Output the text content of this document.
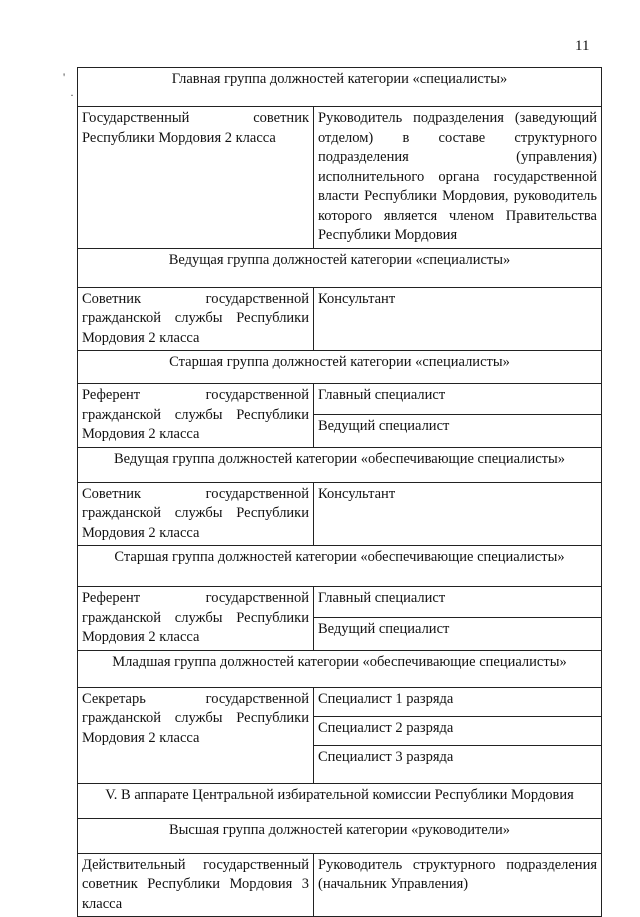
11
'
·
Главная группа должностей категории «специалисты»	
Государственный советник Республики Мордовия 2 класса	Руководитель подразделения (заведующий отделом) в составе структурного подразделения (управления) исполнительного органа государственной власти Республики Мордовия, руководитель которого является членом Правительства Республики Мордовия
Ведущая группа должностей категории «специалисты»	
Советник государственной гражданской службы Республики Мордовия 2 класса	Консультант
Старшая группа должностей категории «специалисты»	
Референт государственной гражданской службы Республики Мордовия 2 класса	Главный специалист
	Ведущий специалист
Ведущая группа должностей категории «обеспечивающие специалисты»	
Советник государственной гражданской службы Республики Мордовия 2 класса	Консультант
Старшая группа должностей категории «обеспечивающие специалисты»	
Референт государственной гражданской службы Республики Мордовия 2 класса	Главный специалист
	Ведущий специалист
Младшая группа должностей категории «обеспечивающие специалисты»	
Секретарь государственной гражданской службы Республики Мордовия 2 класса	Специалист 1 разряда
	Специалист 2 разряда
	Специалист 3 разряда
V. В аппарате Центральной избирательной комиссии Республики Мордовия	
Высшая группа должностей категории «руководители»	
Действительный государственный советник Республики Мордовия 3 класса	Руководитель структурного подразделения (начальник Управления)
